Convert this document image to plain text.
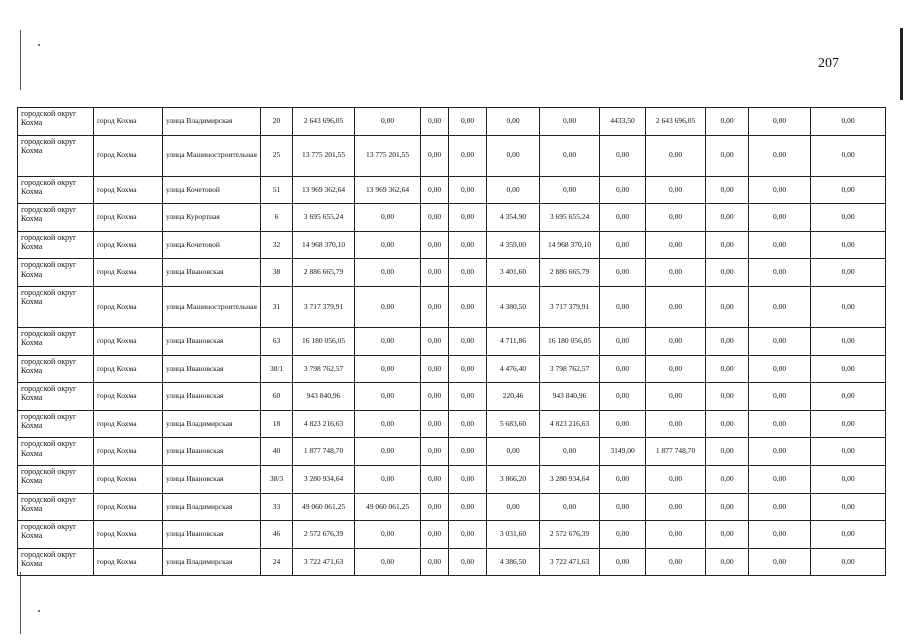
207
городской округ Кохма	город Кохма	улица Владимирская	20	2 643 696,05	0,00	0,00	0,00	0,00	0,00	4433,50	2 643 696,05	0,00	0,00	0,00
городской округ Кохма	город Кохма	улица Машиностроительная	25	13 775 201,55	13 775 201,55	0,00	0,00	0,00	0,00	0,00	0,00	0,00	0,00	0,00
городской округ Кохма	город Кохма	улица Кочетовой	51	13 969 362,64	13 969 362,64	0,00	0,00	0,00	0,00	0,00	0,00	0,00	0,00	0,00
городской округ Кохма	город Кохма	улица Курортная	6	3 695 655,24	0,00	0,00	0,00	4 354,90	3 695 655,24	0,00	0,00	0,00	0,00	0,00
городской округ Кохма	город Кохма	улица Кочетовой	32	14 968 370,10	0,00	0,00	0,00	4 359,00	14 968 370,10	0,00	0,00	0,00	0,00	0,00
городской округ Кохма	город Кохма	улица Ивановская	38	2 886 665,79	0,00	0,00	0,00	3 401,60	2 886 665,79	0,00	0,00	0,00	0,00	0,00
городской округ Кохма	город Кохма	улица Машиностроительная	31	3 717 379,91	0,00	0,00	0,00	4 380,50	3 717 379,91	0,00	0,00	0,00	0,00	0,00
городской округ Кохма	город Кохма	улица Ивановская	63	16 180 056,05	0,00	0,00	0,00	4 711,86	16 180 056,05	0,00	0,00	0,00	0,00	0,00
городской округ Кохма	город Кохма	улица Ивановская	38/1	3 798 762,57	0,00	0,00	0,00	4 476,40	3 798 762,57	0,00	0,00	0,00	0,00	0,00
городской округ Кохма	город Кохма	улица Ивановская	60	943 840,96	0,00	0,00	0,00	220,46	943 840,96	0,00	0,00	0,00	0,00	0,00
городской округ Кохма	город Кохма	улица Владимирская	18	4 823 216,63	0,00	0,00	0,00	5 683,60	4 823 216,63	0,00	0,00	0,00	0,00	0,00
городской округ Кохма	город Кохма	улица Ивановская	40	1 877 748,70	0,00	0,00	0,00	0,00	0,00	3149,00	1 877 748,70	0,00	0,00	0,00
городской округ Кохма	город Кохма	улица Ивановская	38/3	3 280 934,64	0,00	0,00	0,00	3 866,20	3 280 934,64	0,00	0,00	0,00	0,00	0,00
городской округ Кохма	город Кохма	улица Владимирская	33	49 060 061,25	49 060 061,25	0,00	0,00	0,00	0,00	0,00	0,00	0,00	0,00	0,00
городской округ Кохма	город Кохма	улица Ивановская	46	2 572 676,39	0,00	0,00	0,00	3 031,60	2 572 676,39	0,00	0,00	0,00	0,00	0,00
городской округ Кохма	город Кохма	улица Владимирская	24	3 722 471,63	0,00	0,00	0,00	4 386,50	3 722 471,63	0,00	0,00	0,00	0,00	0,00
